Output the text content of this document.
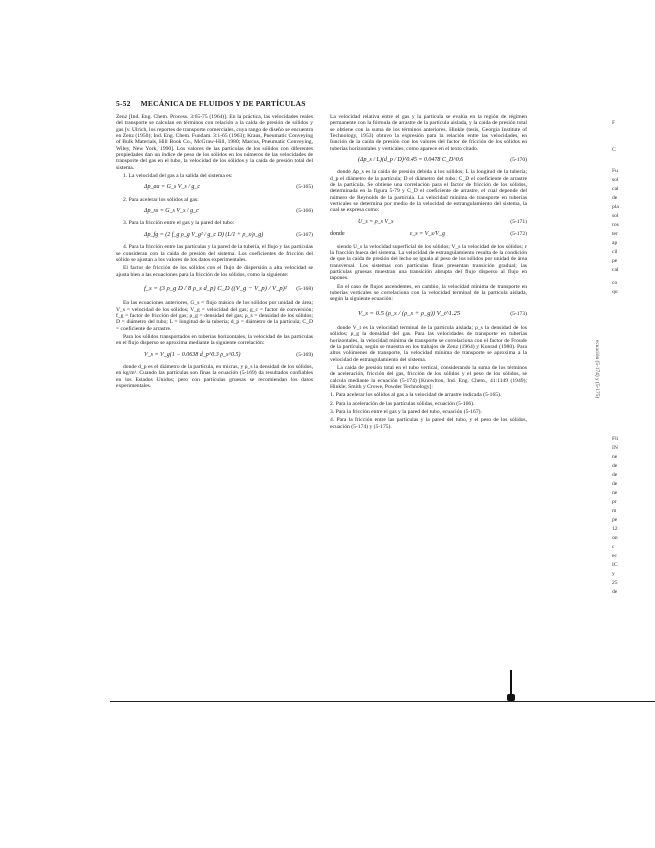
5-52 MECÁNICA DE FLUIDOS Y DE PARTÍCULAS

Zenz [Ind. Eng. Chem. Process. 3:65-75 (1964)]. En la práctica, las velocidades reales del transporte se calculan en términos con relación a la caída de presión de sólidos y gas [v. Ulrich, los reportes de transporte comerciales, cuya rango de diseño se encuentra en Zenz (1950); Ind. Eng. Chem. Fundam. 3:1-65 (1963); Kraus, Pneumatic Conveying of Bulk Materials, Hill Book Co., McGraw-Hill, 1980; Marcus, Pneumatic Conveying, Wiley, New York, 1990]. Los valores de las partículas de los sólidos con diferentes propiedades dan un índice de peso de los sólidos en los números de las velocidades de transporte del gas en el tubo, la velocidad de los sólidos y la caída de presión total del sistema.

1. La velocidad del gas a la salida del sistema es:

Δp_aa = G_s V_s / g_c	(5-165)

2. Para acelerar los sólidos al gas:

Δp_ss = G_s V_s / g_c	(5-166)

3. Para la fricción entre el gas y la pared del tubo:

Δp_fg = (2 f_g ρ_g V_g² / g_c D) (L/1 + ρ_s/ρ_g)	(5-167)

4. Para la fricción entre las partículas y la pared de la tubería, el flujo y las partículas se consideran con la caída de presión del sistema. Los coeficientes de fricción del sólido se ajustan a los valores de los datos experimentales.

El factor de fricción de los sólidos con el flujo de dispersión a alta velocidad se ajusta bien a las ecuaciones para la fricción de los sólidos, como la siguiente:

f_s = (3 ρ_g D / 8 ρ_s d_p) C_D ((V_g − V_p) / V_p)² (5-168)

En las ecuaciones anteriores, G_s = flujo másico de los sólidos por unidad de área; V_s = velocidad de los sólidos; V_g = velocidad del gas; g_c = factor de conversión; f_g = factor de fricción del gas; ρ_g = densidad del gas; ρ_s = densidad de los sólidos; D = diámetro del tubo; L = longitud de la tubería; d_p = diámetro de la partícula; C_D = coeficiente de arrastre.

Para los sólidos transportados en tuberías horizontales, la velocidad de las partículas en el flujo disperso se aproxima mediante la siguiente correlación:

V_s = V_g(1 − 0.0638 d_p^0.3 ρ_s^0.5)	(5-169)

donde d_p es el diámetro de la partícula, en micras, y ρ_s la densidad de los sólidos, en kg/m³. Cuando las partículas son finas la ecuación (5-169) da resultados confiables en los Estados Unidos; pero con partículas gruesas se recomiendan los datos experimentales.

La velocidad relativa entre el gas y la partícula se evalúa en la región de régimen permanente con la fórmula de arrastre de la partícula aislada, y la caída de presión total se obtiene con la suma de los términos anteriores. Hinkle (tesis, Georgia Institute of Technology, 1953) obtuvo la expresión para la relación entre las velocidades, en función de la caída de presión con los valores del factor de fricción de los sólidos en tuberías horizontales y verticales, como aparece en el texto citado.

(Δp_s / L)(d_p / D)^0.45 = 0.0478 C_D^0.6	(5-170)

donde Δp_s es la caída de presión debida a los sólidos; L la longitud de la tubería; d_p el diámetro de la partícula; D el diámetro del tubo; C_D el coeficiente de arrastre de la partícula. Se obtiene una correlación para el factor de fricción de los sólidos, determinada en la figura 5-79 y C_D el coeficiente de arrastre, el cual depende del número de Reynolds de la partícula. La velocidad mínima de transporte en tuberías verticales se determina por medio de la velocidad de estrangulamiento del sistema, la cual se expresa como:

U_s = ρ_s V_s	(5-171)
donde	ε_s = V_s/V_g	(5-172)

siendo U_s la velocidad superficial de los sólidos; V_s la velocidad de los sólidos; ε la fracción hueca del sistema. La velocidad de estrangulamiento resulta de la condición de que la caída de presión del lecho se iguala al peso de los sólidos por unidad de área transversal. Los sistemas con partículas finas presentan transición gradual; las partículas gruesas muestran una transición abrupta del flujo disperso al flujo en tapones.

En el caso de flujos ascendentes, en cambio, la velocidad mínima de transporte en tuberías verticales se correlaciona con la velocidad terminal de la partícula aislada, según la siguiente ecuación:

V_s = 0.5 (ρ_s / (ρ_s + ρ_g)) V_t^1.25	(5-173)

donde V_t es la velocidad terminal de la partícula aislada; ρ_s la densidad de los sólidos; ρ_g la densidad del gas. Para las velocidades de transporte en tuberías horizontales, la velocidad mínima de transporte se correlaciona con el factor de Froude de la partícula, según se muestra en los trabajos de Zenz (1964) y Konrad (1980). Para altos volúmenes de transporte, la velocidad mínima de transporte se aproxima a la velocidad de estrangulamiento del sistema.

La caída de presión total en el tubo vertical, considerando la suma de los términos de aceleración, fricción del gas, fricción de los sólidos y el peso de los sólidos, se calcula mediante la ecuación (5-174) [Knowlton, Ind. Eng. Chem., 41:1149 (1949); Hinkle; Smith y Crowe, Powder Technology]:

1. Para acelerar los sólidos al gas a la velocidad de arrastre indicada (5-165).

2. Para la aceleración de las partículas sólidas, ecuación (5-166).

3. Para la fricción entre el gas y la pared del tubo, ecuación (5-167).

4. Para la fricción entre las partículas y la pared del tubo, y el peso de los sólidos, ecuación (5-174) y (5-175).

F
C
Fu
sol
cal
de
pla
sol
ros
ter
ap
cil
pe
cal
co
qu
Fli
IN
ne
de
de
de
ne
pr
m
pe
12
on
c
ec
IC
y
25
de
ecuación (5-174) y (5-175)
